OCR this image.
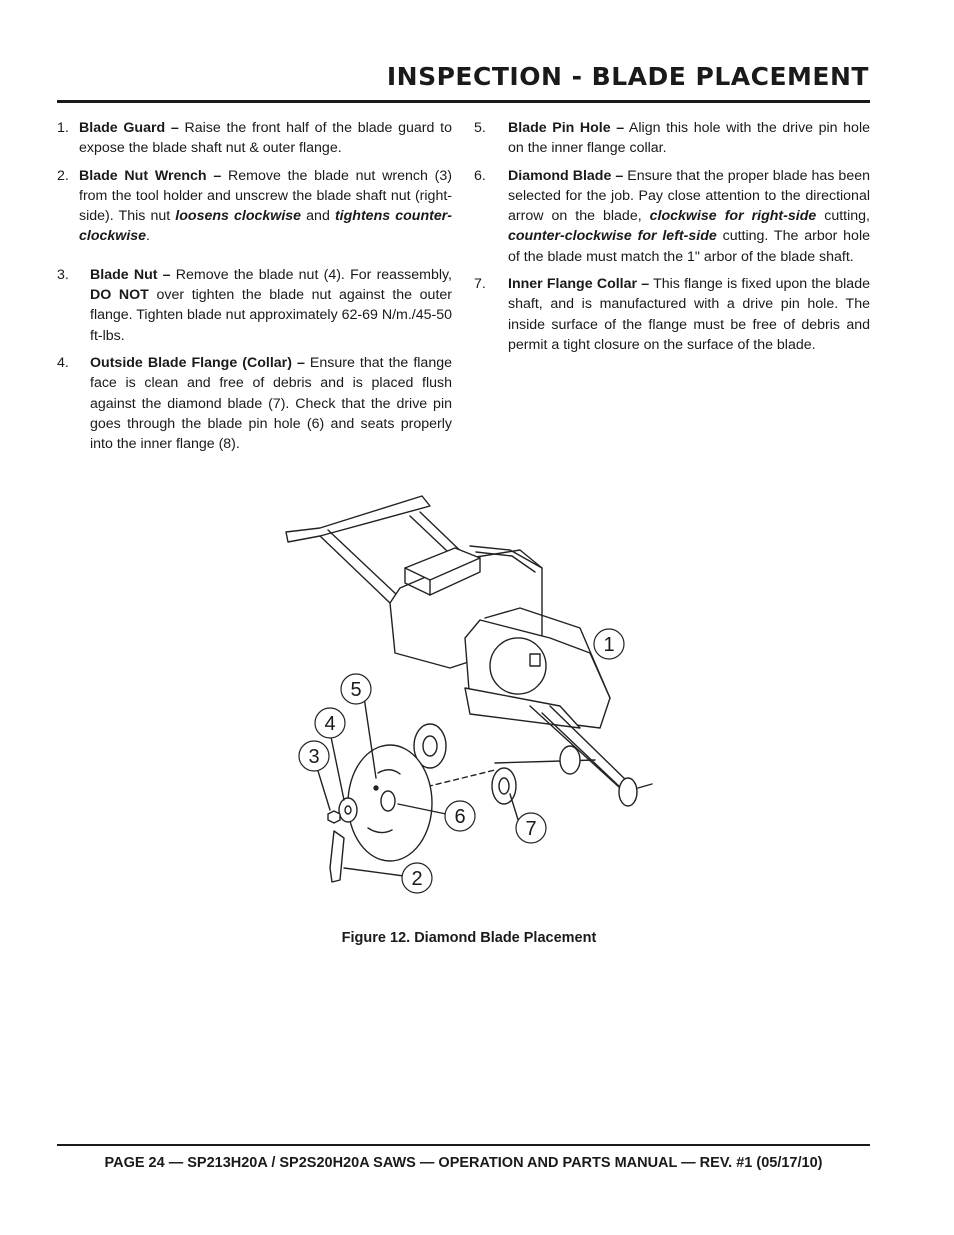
INSPECTION - BLADE PLACEMENT
1. Blade Guard – Raise the front half of the blade guard to expose the blade shaft nut & outer flange.
2. Blade Nut Wrench – Remove the blade nut wrench (3) from the tool holder and unscrew the blade shaft nut (right-side). This nut loosens clockwise and tightens counter-clockwise.
3.	Blade Nut – Remove the blade nut (4). For reassembly, DO NOT over tighten the blade nut against the outer flange. Tighten blade nut approximately 62-69 N/m./45-50 ft-lbs.
4.	Outside Blade Flange (Collar) – Ensure that the flange face is clean and free of debris and is placed flush against the diamond blade (7). Check that the drive pin goes through the blade pin hole (6) and seats properly into the inner flange (8).
5.	Blade Pin Hole – Align this hole with the drive pin hole on the inner flange collar.
6.	Diamond Blade – Ensure that the proper blade has been selected for the job. Pay close attention to the directional arrow on the blade, clockwise for right-side cutting, counter-clockwise for left-side cutting. The arbor hole of the blade must match the 1" arbor of the blade shaft.
7.	Inner Flange Collar – This flange is fixed upon the blade shaft, and is manufactured with a drive pin hole. The inside surface of the flange must be free of debris and permit a tight closure on the surface of the blade.
1
5
4
3
6
7
2
Figure 12. Diamond Blade Placement
PAGE 24 — SP213H20A / SP2S20H20A SAWS — OPERATION AND PARTS MANUAL — REV. #1 (05/17/10)
